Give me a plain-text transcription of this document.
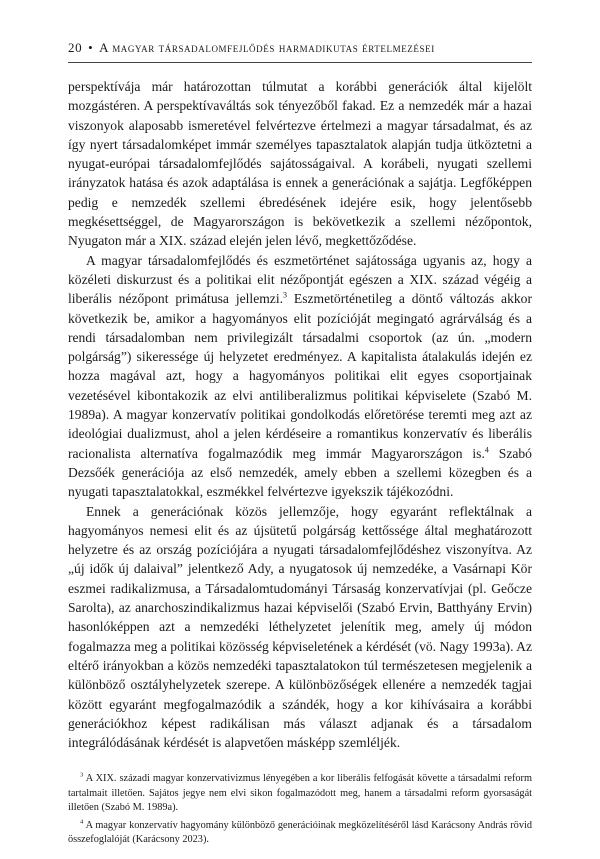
20 • A magyar társadalomfejlődés harmadikutas értelmezései

perspektívája már határozottan túlmutat a korábbi generációk által kijelölt mozgástéren. A perspektívaváltás sok tényezőből fakad. Ez a nemzedék már a hazai viszonyok alaposabb ismeretével felvértezve értelmezi a magyar társadalmat, és az így nyert társadalomképet immár személyes tapasztalatok alapján tudja ütköztetni a nyugat-európai társadalomfejlődés sajátosságaival. A korábeli, nyugati szellemi irányzatok hatása és azok adaptálása is ennek a generációnak a sajátja. Legfőképpen pedig e nemzedék szellemi ébredésének idejére esik, hogy jelentősebb megkésettséggel, de Magyarországon is bekövetkezik a szellemi nézőpontok, Nyugaton már a XIX. század elején jelen lévő, megkettőződése.

A magyar társadalomfejlődés és eszmetörténet sajátossága ugyanis az, hogy a közéleti diskurzust és a politikai elit nézőpontját egészen a XIX. század végéig a liberális nézőpont primátusa jellemzi.$^3$ Eszmetörténetileg a döntő változás akkor következik be, amikor a hagyományos elit pozícióját megingató agrárválság és a rendi társadalomban nem privilegizált társadalmi csoportok (az ún. „modern polgárság”) sikeressége új helyzetet eredményez. A kapitalista átalakulás idején ez hozza magával azt, hogy a hagyományos politikai elit egyes csoportjainak vezetésével kibontakozik az elvi antiliberalizmus politikai képviselete (Szabó M. 1989a). A magyar konzervatív politikai gondolkodás előretörése teremti meg azt az ideológiai dualizmust, ahol a jelen kérdéseire a romantikus konzervatív és liberális racionalista alternatíva fogalmazódik meg immár Magyarországon is.$^4$ Szabó Dezsőék generációja az első nemzedék, amely ebben a szellemi közegben és a nyugati tapasztalatokkal, eszmékkel felvértezve igyekszik tájékozódni.

Ennek a generációnak közös jellemzője, hogy egyaránt reflektálnak a hagyományos nemesi elit és az újsütetű polgárság kettőssége által meghatározott helyzetre és az ország pozíciójára a nyugati társadalomfejlődéshez viszonyítva. Az „új idők új dalaival” jelentkező Ady, a nyugatosok új nemzedéke, a Vasárnapi Kör eszmei radikalizmusa, a Társadalomtudományi Társaság konzervatívjai (pl. Geőcze Sarolta), az anarchoszindikalizmus hazai képviselői (Szabó Ervin, Batthyány Ervin) hasonlóképpen azt a nemzedéki léthelyzetet jelenítik meg, amely új módon fogalmazza meg a politikai közösség képviseletének a kérdését (vö. Nagy 1993a). Az eltérő irányokban a közös nemzedéki tapasztalatokon túl természetesen megjelenik a különböző osztályhelyzetek szerepe. A különbözőségek ellenére a nemzedék tagjai között egyaránt megfogalmazódik a szándék, hogy a kor kihívásaira a korábbi generációkhoz képest radikálisan más választ adjanak és a társadalom integrálódásának kérdését is alapvetően másképp szemléljék.

$^3$ A XIX. századi magyar konzervativizmus lényegében a kor liberális felfogását követte a társadalmi reform tartalmait illetően. Sajátos jegye nem elvi sikon fogalmazódott meg, hanem a társadalmi reform gyorsaságát illetően (Szabó M. 1989a).

$^4$ A magyar konzervatív hagyomány különböző generációinak megközelítéséről lásd Karácsony András rövid összefoglalóját (Karácsony 2023).
